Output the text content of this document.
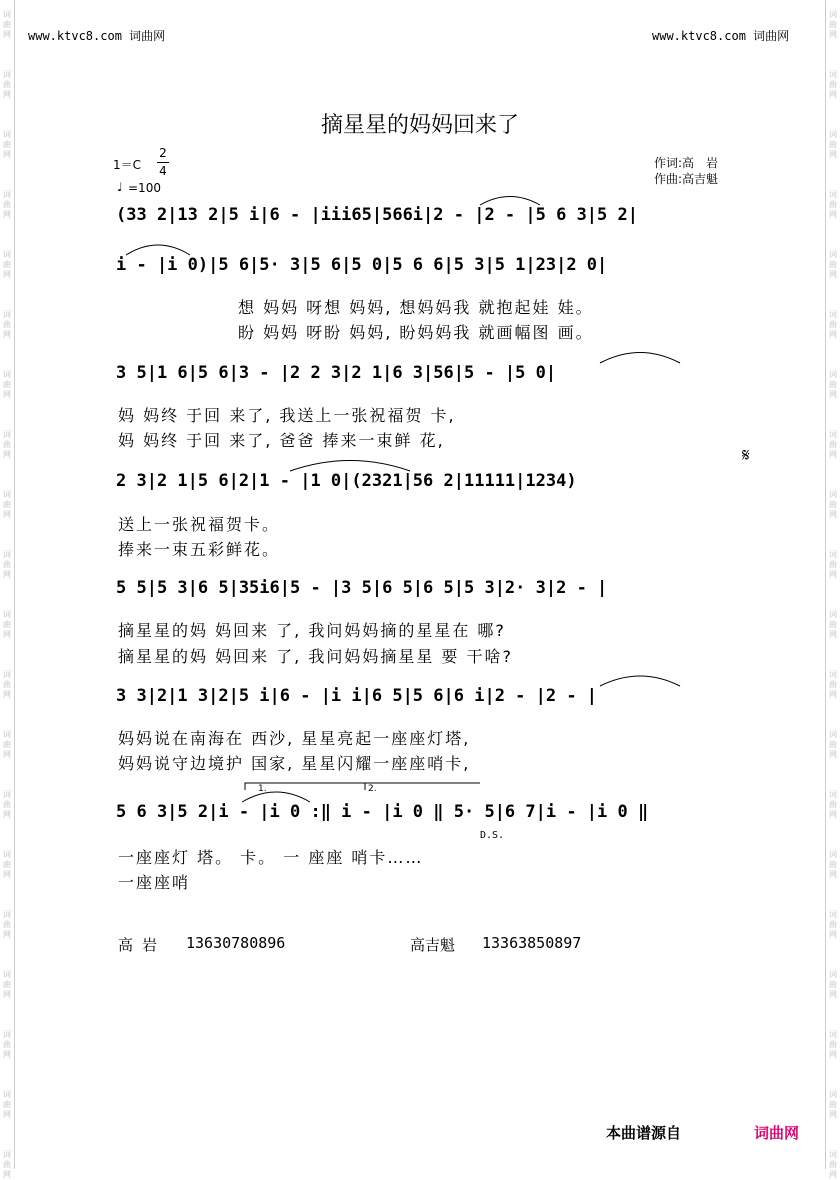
词
曲
网
词
曲
网
词
曲
网
词
曲
网
词
曲
网
词
曲
网
词
曲
网
词
曲
网
词
曲
网
词
曲
网
词
曲
网
词
曲
网
词
曲
网
词
曲
网
词
曲
网
词
曲
网
词
曲
网
词
曲
网
词
曲
网
词
曲
网
词
曲
网
词
曲
网
词
曲
网
词
曲
网
词
曲
网
词
曲
网
词
曲
网
词
曲
网
词
曲
网
词
曲
网
词
曲
网
词
曲
网
词
曲
网
词
曲
网
词
曲
网
词
曲
网
词
曲
网
词
曲
网
词
曲
网
词
曲
网
www.ktvc8.com 词曲网	www.ktvc8.com 词曲网
摘星星的妈妈回来了
1＝C
2
4
♩ =100
作词:高　岩
作曲:高吉魁
(33 2|13 2|5 i|6 - |iii65|566i|2 - |2 - |5 6 3|5 2|
i - |i 0)|5 6|5· 3|5 6|5 0|5 6 6|5 3|5 1|23|2 0|
想 妈妈 呀想 妈妈, 想妈妈我 就抱起娃 娃。
盼 妈妈 呀盼 妈妈, 盼妈妈我 就画幅图 画。
3 5|1 6|5 6|3 - |2 2 3|2 1|6 3|56|5 - |5 0|
妈 妈终 于回 来了, 我送上一张祝福贺 卡,
妈 妈终 于回 来了, 爸爸 捧来一束鲜 花,
2 3|2 1|5 6|2|1 - |1 0|(2321|56 2|11111|1234)
𝄋
送上一张祝福贺卡。
捧来一束五彩鲜花。
5 5|5 3|6 5|35i6|5 - |3 5|6 5|6 5|5 3|2· 3|2 - |
摘星星的妈 妈回来 了, 我问妈妈摘的星星在 哪?
摘星星的妈 妈回来 了, 我问妈妈摘星星 要 干啥?
3 3|2|1 3|2|5 i|6 - |i i|6 5|5 6|6 i|2 - |2 - |
妈妈说在南海在 西沙, 星星亮起一座座灯塔,
妈妈说守边境护 国家, 星星闪耀一座座哨卡,
1.	2.
5 6 3|5 2|i - |i 0 :‖ i - |i 0 ‖ 5· 5|6 7|i - |i 0 ‖
D.S.
一座座灯 塔。 卡。 一 座座 哨卡……
一座座哨
高 岩 13630780896	高吉魁 13363850897
本曲谱源自	词曲网
